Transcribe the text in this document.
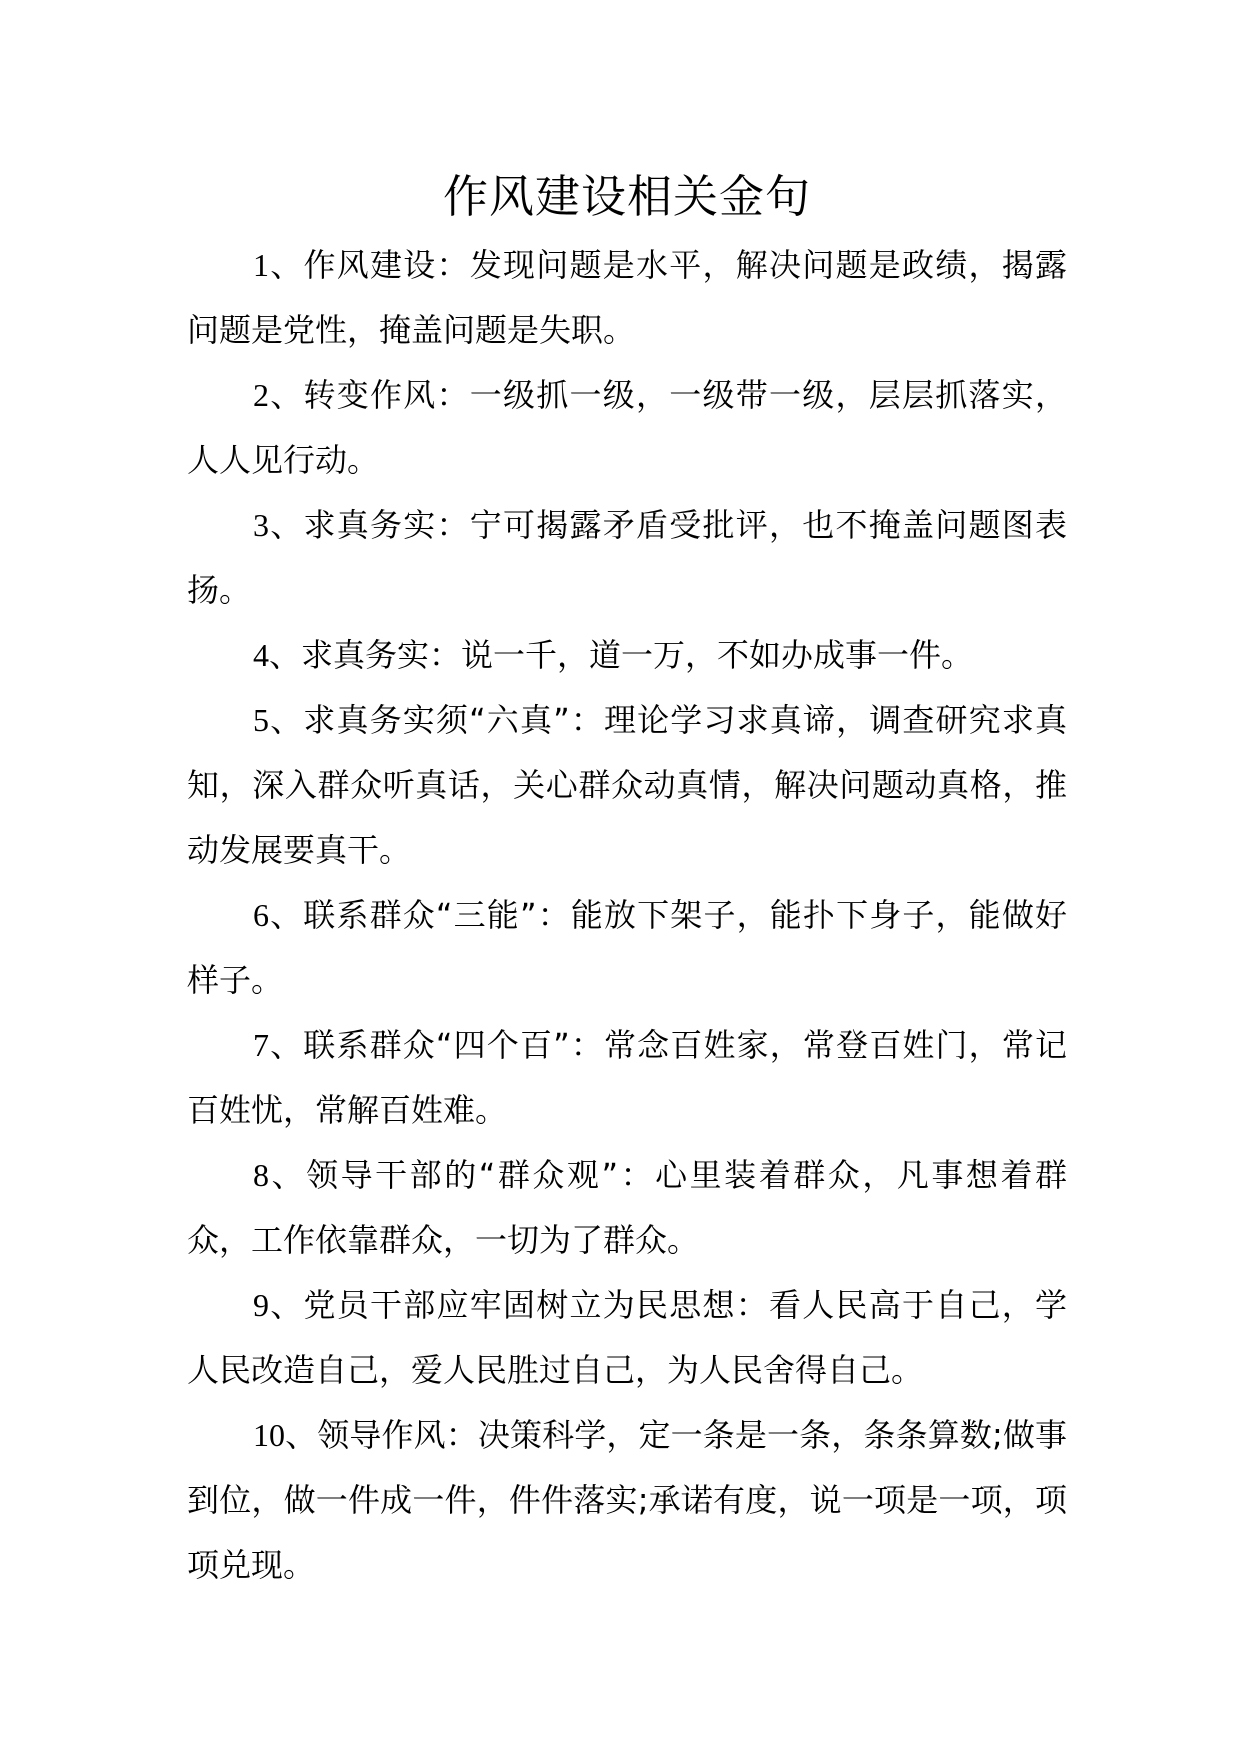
作风建设相关金句
1、作风建设：发现问题是水平，解决问题是政绩，揭露问题是党性，掩盖问题是失职。
2、转变作风：一级抓一级，一级带一级，层层抓落实，人人见行动。
3、求真务实：宁可揭露矛盾受批评，也不掩盖问题图表扬。
4、求真务实：说一千，道一万，不如办成事一件。
5、求真务实须“六真”：理论学习求真谛，调查研究求真知，深入群众听真话，关心群众动真情，解决问题动真格，推动发展要真干。
6、联系群众“三能”：能放下架子，能扑下身子，能做好样子。
7、联系群众“四个百”：常念百姓家，常登百姓门，常记百姓忧，常解百姓难。
8、领导干部的“群众观”：心里装着群众，凡事想着群众，工作依靠群众，一切为了群众。
9、党员干部应牢固树立为民思想：看人民高于自己，学人民改造自己，爱人民胜过自己，为人民舍得自己。
10、领导作风：决策科学，定一条是一条，条条算数;做事到位，做一件成一件，件件落实;承诺有度，说一项是一项，项项兑现。
